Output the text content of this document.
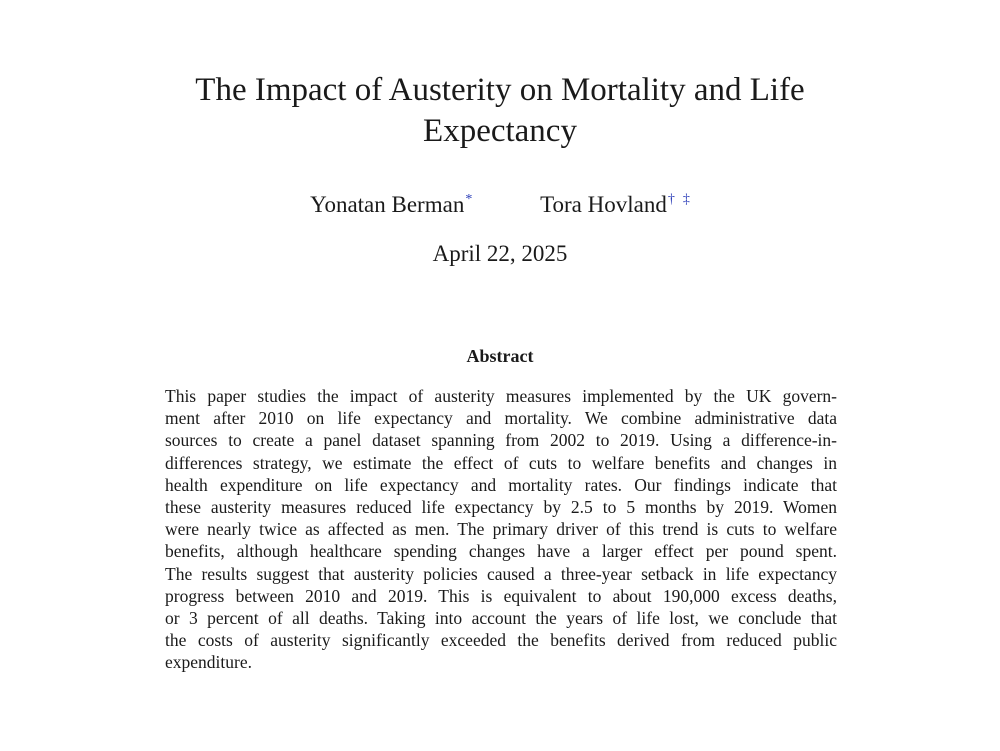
The Impact of Austerity on Mortality and Life Expectancy
Yonatan Berman*	Tora Hovland† ‡
April 22, 2025
Abstract
This paper studies the impact of austerity measures implemented by the UK govern-
ment after 2010 on life expectancy and mortality. We combine administrative data
sources to create a panel dataset spanning from 2002 to 2019. Using a difference-in-
differences strategy, we estimate the effect of cuts to welfare benefits and changes in
health expenditure on life expectancy and mortality rates. Our findings indicate that
these austerity measures reduced life expectancy by 2.5 to 5 months by 2019. Women
were nearly twice as affected as men. The primary driver of this trend is cuts to welfare
benefits, although healthcare spending changes have a larger effect per pound spent.
The results suggest that austerity policies caused a three-year setback in life expectancy
progress between 2010 and 2019. This is equivalent to about 190,000 excess deaths,
or 3 percent of all deaths. Taking into account the years of life lost, we conclude that
the costs of austerity significantly exceeded the benefits derived from reduced public
expenditure.
